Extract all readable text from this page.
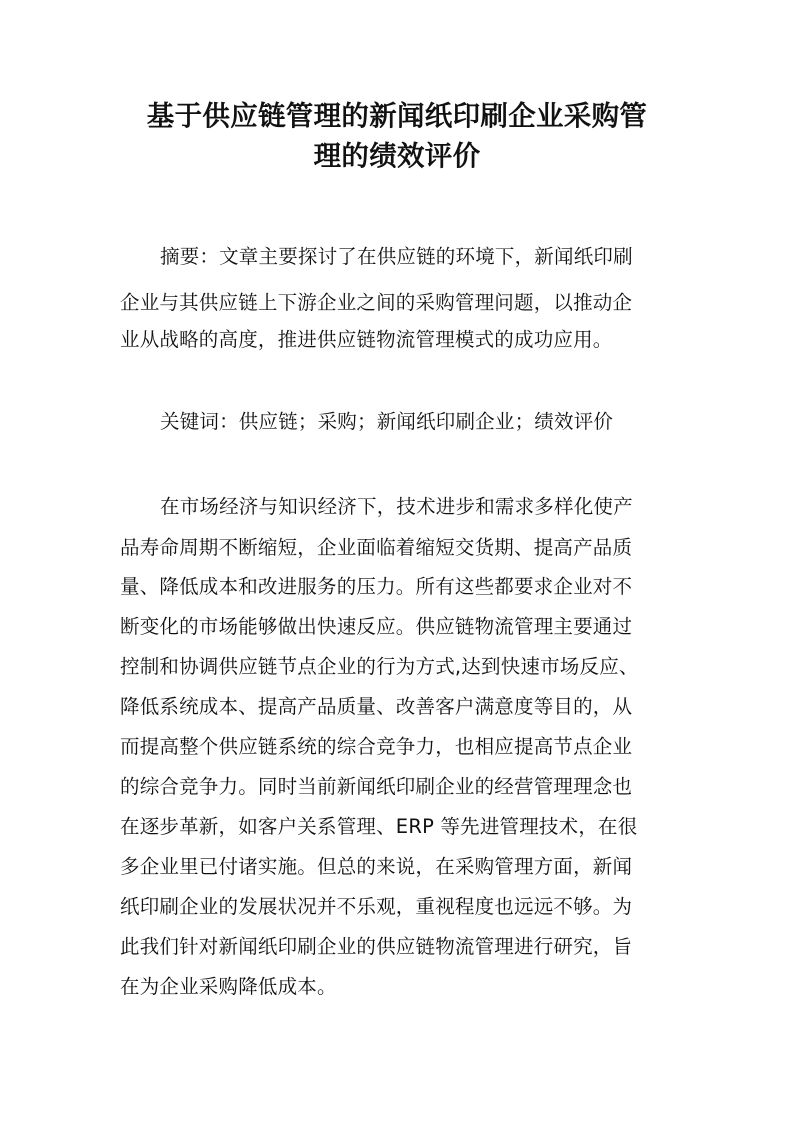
基于供应链管理的新闻纸印刷企业采购管
理的绩效评价
摘要：文章主要探讨了在供应链的环境下，新闻纸印刷
企业与其供应链上下游企业之间的采购管理问题，以推动企
业从战略的高度，推进供应链物流管理模式的成功应用。
关键词：供应链；采购；新闻纸印刷企业；绩效评价
在市场经济与知识经济下，技术进步和需求多样化使产
品寿命周期不断缩短，企业面临着缩短交货期、提高产品质
量、降低成本和改进服务的压力。所有这些都要求企业对不
断变化的市场能够做出快速反应。供应链物流管理主要通过
控制和协调供应链节点企业的行为方式,达到快速市场反应、
降低系统成本、提高产品质量、改善客户满意度等目的，从
而提高整个供应链系统的综合竞争力，也相应提高节点企业
的综合竞争力。同时当前新闻纸印刷企业的经营管理理念也
在逐步革新，如客户关系管理、ERP 等先进管理技术，在很
多企业里已付诸实施。但总的来说，在采购管理方面，新闻
纸印刷企业的发展状况并不乐观，重视程度也远远不够。为
此我们针对新闻纸印刷企业的供应链物流管理进行研究，旨
在为企业采购降低成本。
